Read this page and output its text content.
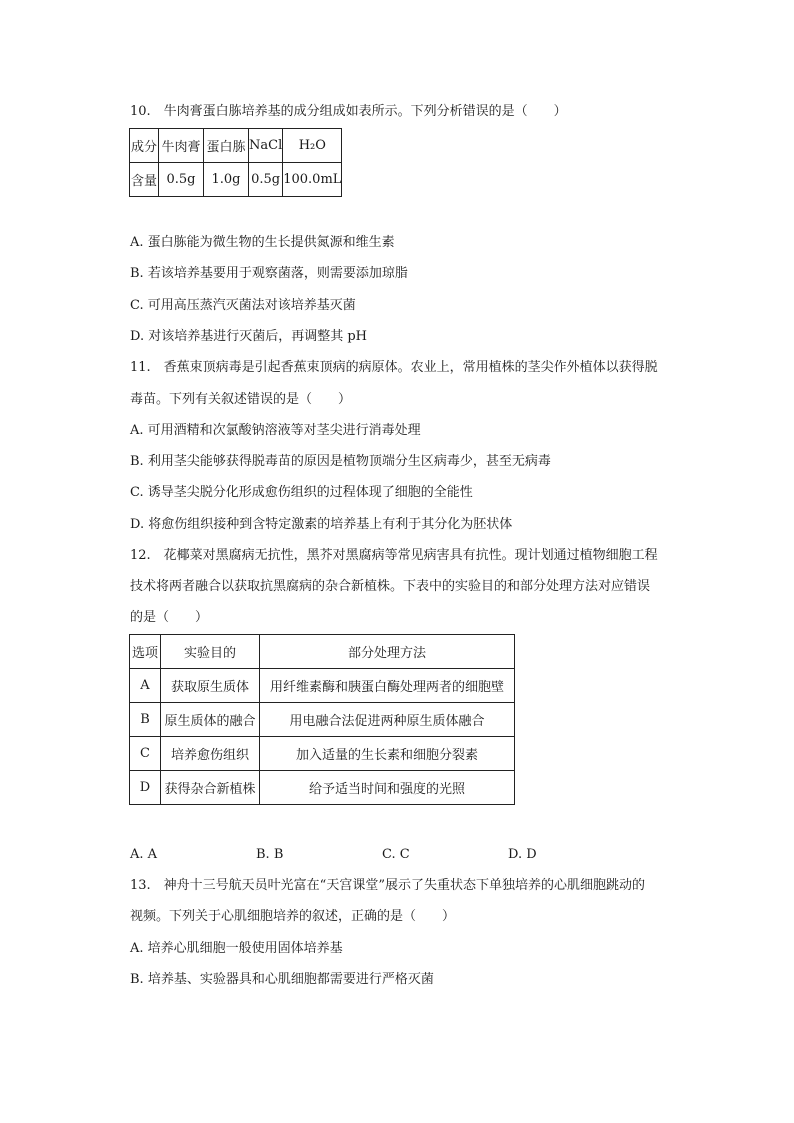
10.　牛肉膏蛋白胨培养基的成分组成如表所示。下列分析错误的是（　　）
成分	牛肉膏	蛋白胨	NaCl	H₂O
含量	0.5g	1.0g	0.5g	100.0mL
A. 蛋白胨能为微生物的生长提供氮源和维生素
B. 若该培养基要用于观察菌落，则需要添加琼脂
C. 可用高压蒸汽灭菌法对该培养基灭菌
D. 对该培养基进行灭菌后，再调整其 pH
11.　香蕉束顶病毒是引起香蕉束顶病的病原体。农业上，常用植株的茎尖作外植体以获得脱
毒苗。下列有关叙述错误的是（　　）
A. 可用酒精和次氯酸钠溶液等对茎尖进行消毒处理
B. 利用茎尖能够获得脱毒苗的原因是植物顶端分生区病毒少，甚至无病毒
C. 诱导茎尖脱分化形成愈伤组织的过程体现了细胞的全能性
D. 将愈伤组织接种到含特定激素的培养基上有利于其分化为胚状体
12.　花椰菜对黑腐病无抗性，黑芥对黑腐病等常见病害具有抗性。现计划通过植物细胞工程
技术将两者融合以获取抗黑腐病的杂合新植株。下表中的实验目的和部分处理方法对应错误
的是（　　）
选项	实验目的	部分处理方法
A	获取原生质体	用纤维素酶和胰蛋白酶处理两者的细胞壁
B	原生质体的融合	用电融合法促进两种原生质体融合
C	培养愈伤组织	加入适量的生长素和细胞分裂素
D	获得杂合新植株	给予适当时间和强度的光照
A. A	B. B	C. C	D. D
13.　神舟十三号航天员叶光富在“天宫课堂”展示了失重状态下单独培养的心肌细胞跳动的
视频。下列关于心肌细胞培养的叙述，正确的是（　　）
A. 培养心肌细胞一般使用固体培养基
B. 培养基、实验器具和心肌细胞都需要进行严格灭菌
